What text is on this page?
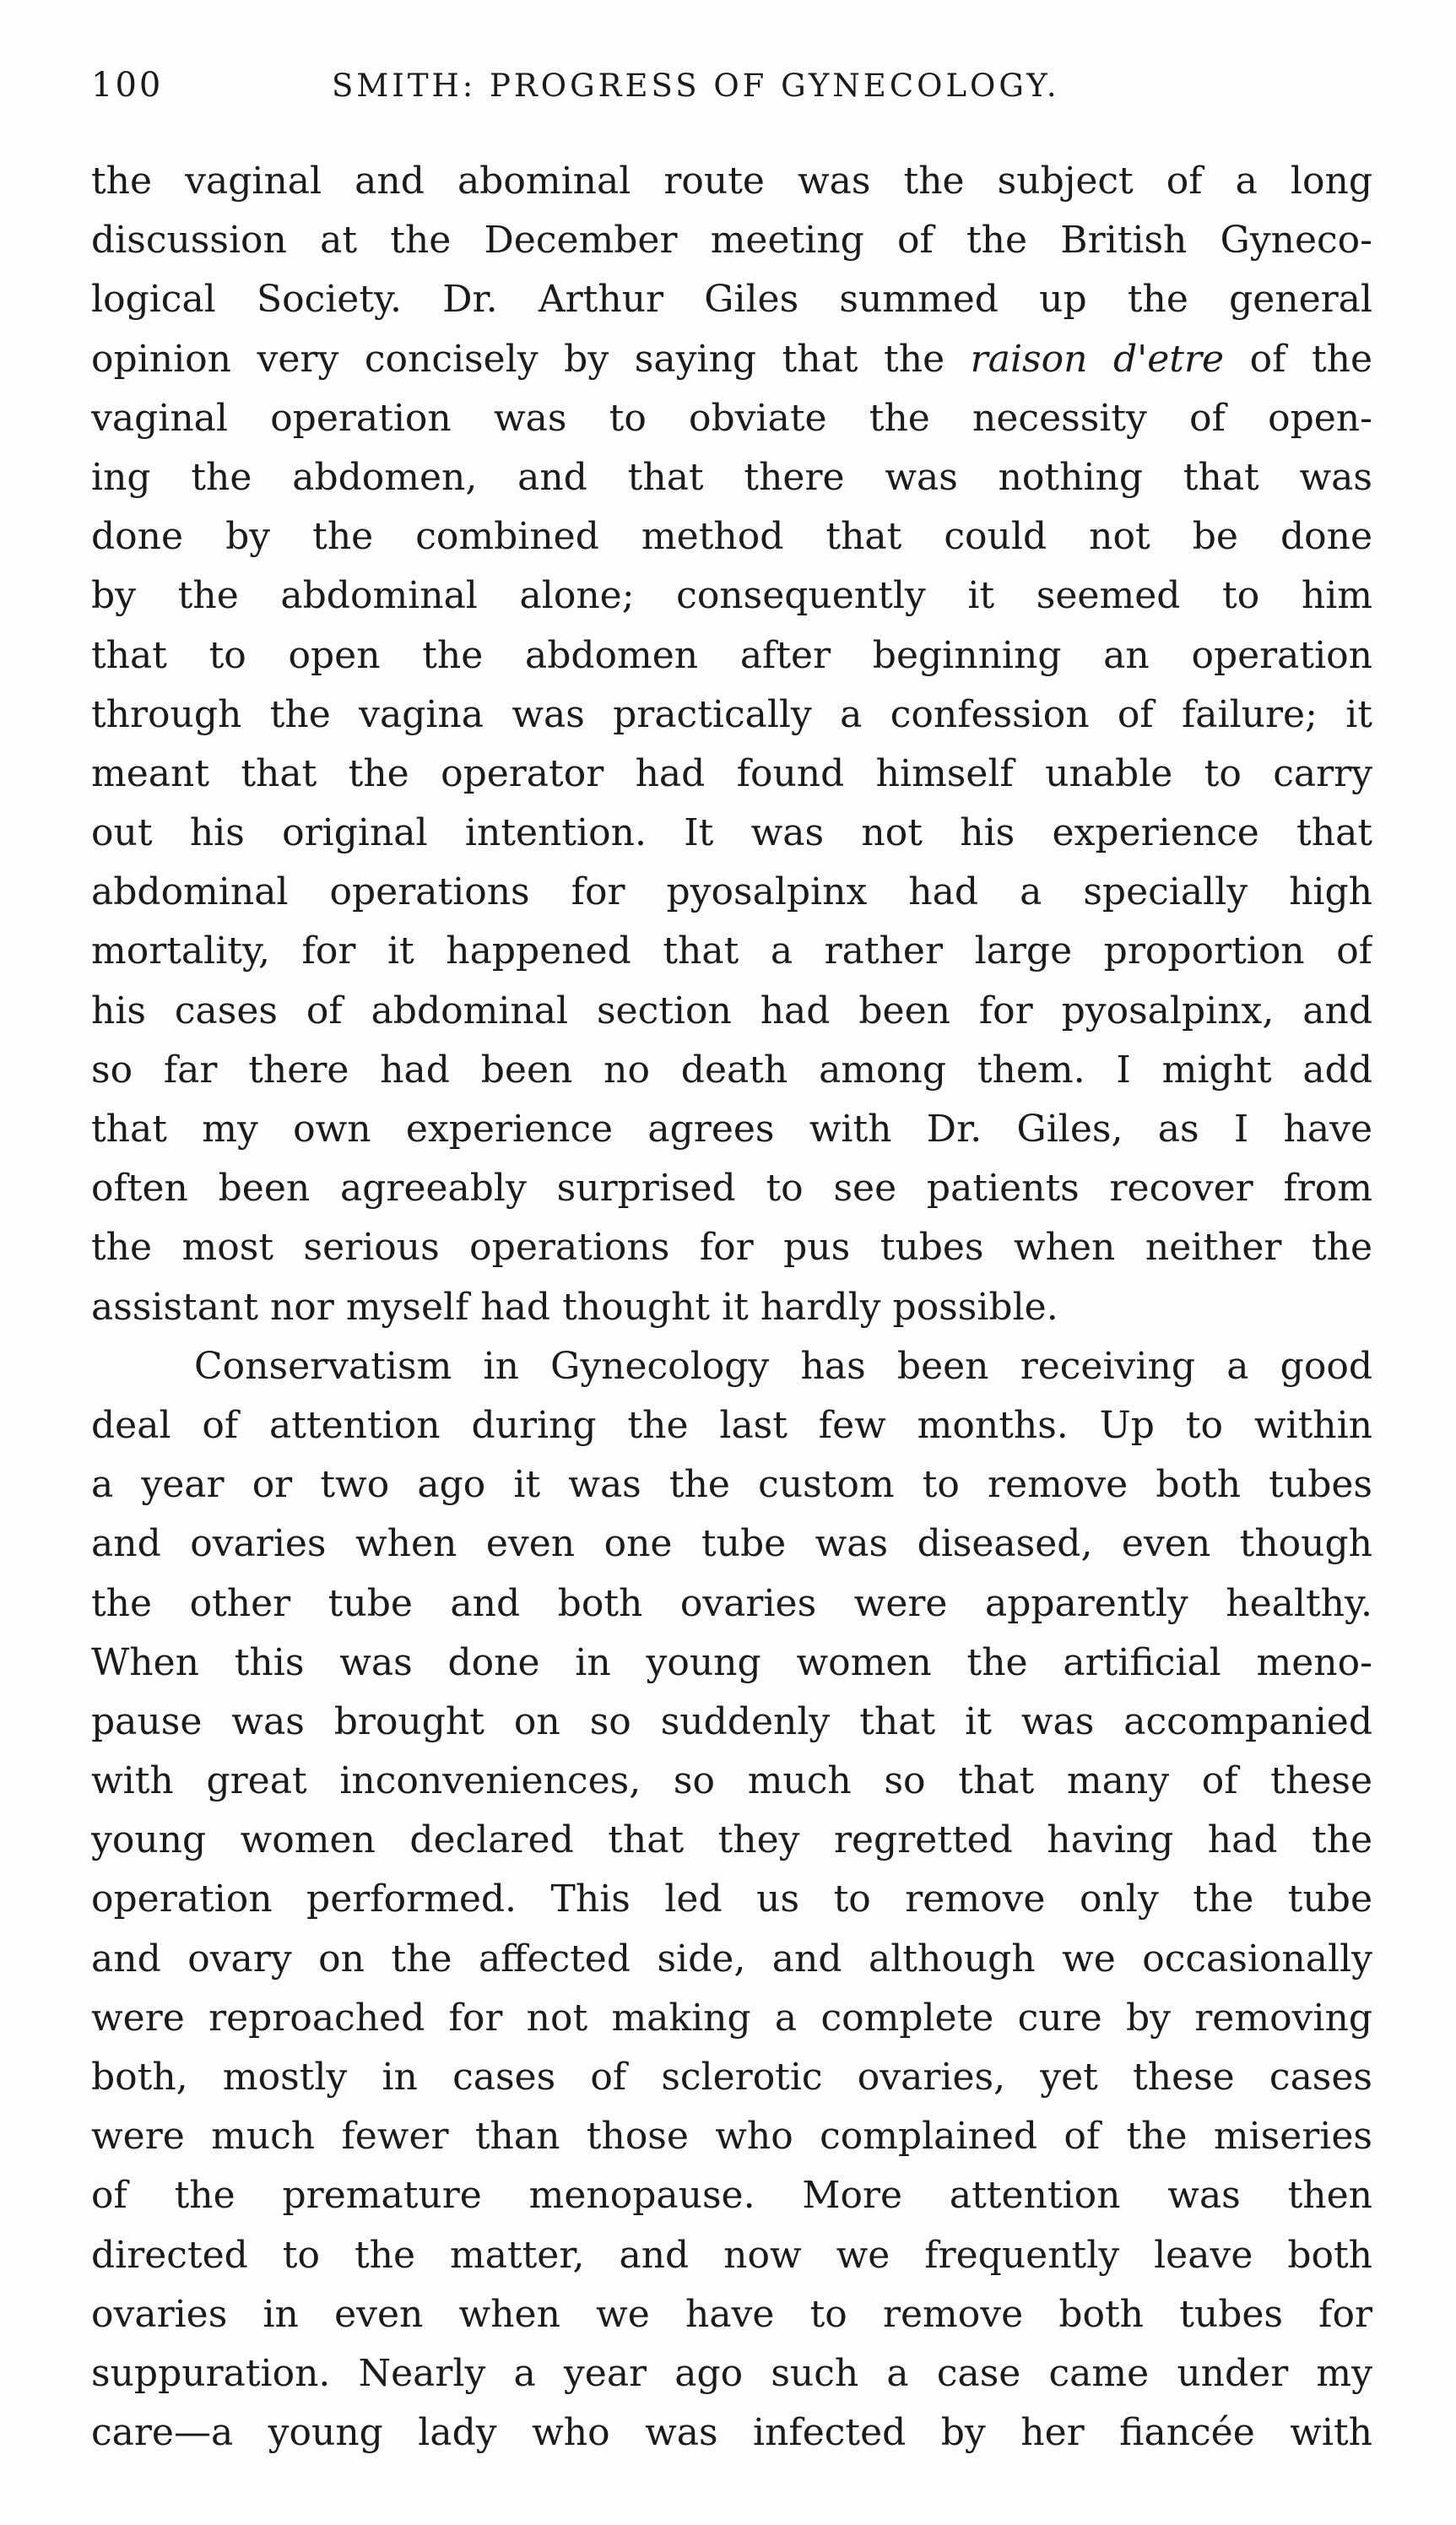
100	SMITH: PROGRESS OF GYNECOLOGY.
the vaginal and abominal route was the subject of a long
discussion at the December meeting of the British Gyneco-
logical Society. Dr. Arthur Giles summed up the general
opinion very concisely by saying that the raison d'etre of the
vaginal operation was to obviate the necessity of open-
ing the abdomen, and that there was nothing that was
done by the combined method that could not be done
by the abdominal alone; consequently it seemed to him
that to open the abdomen after beginning an operation
through the vagina was practically a confession of failure; it
meant that the operator had found himself unable to carry
out his original intention. It was not his experience that
abdominal operations for pyosalpinx had a specially high
mortality, for it happened that a rather large proportion of
his cases of abdominal section had been for pyosalpinx, and
so far there had been no death among them. I might add
that my own experience agrees with Dr. Giles, as I have
often been agreeably surprised to see patients recover from
the most serious operations for pus tubes when neither the
assistant nor myself had thought it hardly possible.
Conservatism in Gynecology has been receiving a good
deal of attention during the last few months. Up to within
a year or two ago it was the custom to remove both tubes
and ovaries when even one tube was diseased, even though
the other tube and both ovaries were apparently healthy.
When this was done in young women the artificial meno-
pause was brought on so suddenly that it was accompanied
with great inconveniences, so much so that many of these
young women declared that they regretted having had the
operation performed. This led us to remove only the tube
and ovary on the affected side, and although we occasionally
were reproached for not making a complete cure by removing
both, mostly in cases of sclerotic ovaries, yet these cases
were much fewer than those who complained of the miseries
of the premature menopause. More attention was then
directed to the matter, and now we frequently leave both
ovaries in even when we have to remove both tubes for
suppuration. Nearly a year ago such a case came under my
care—a young lady who was infected by her fiancée with
